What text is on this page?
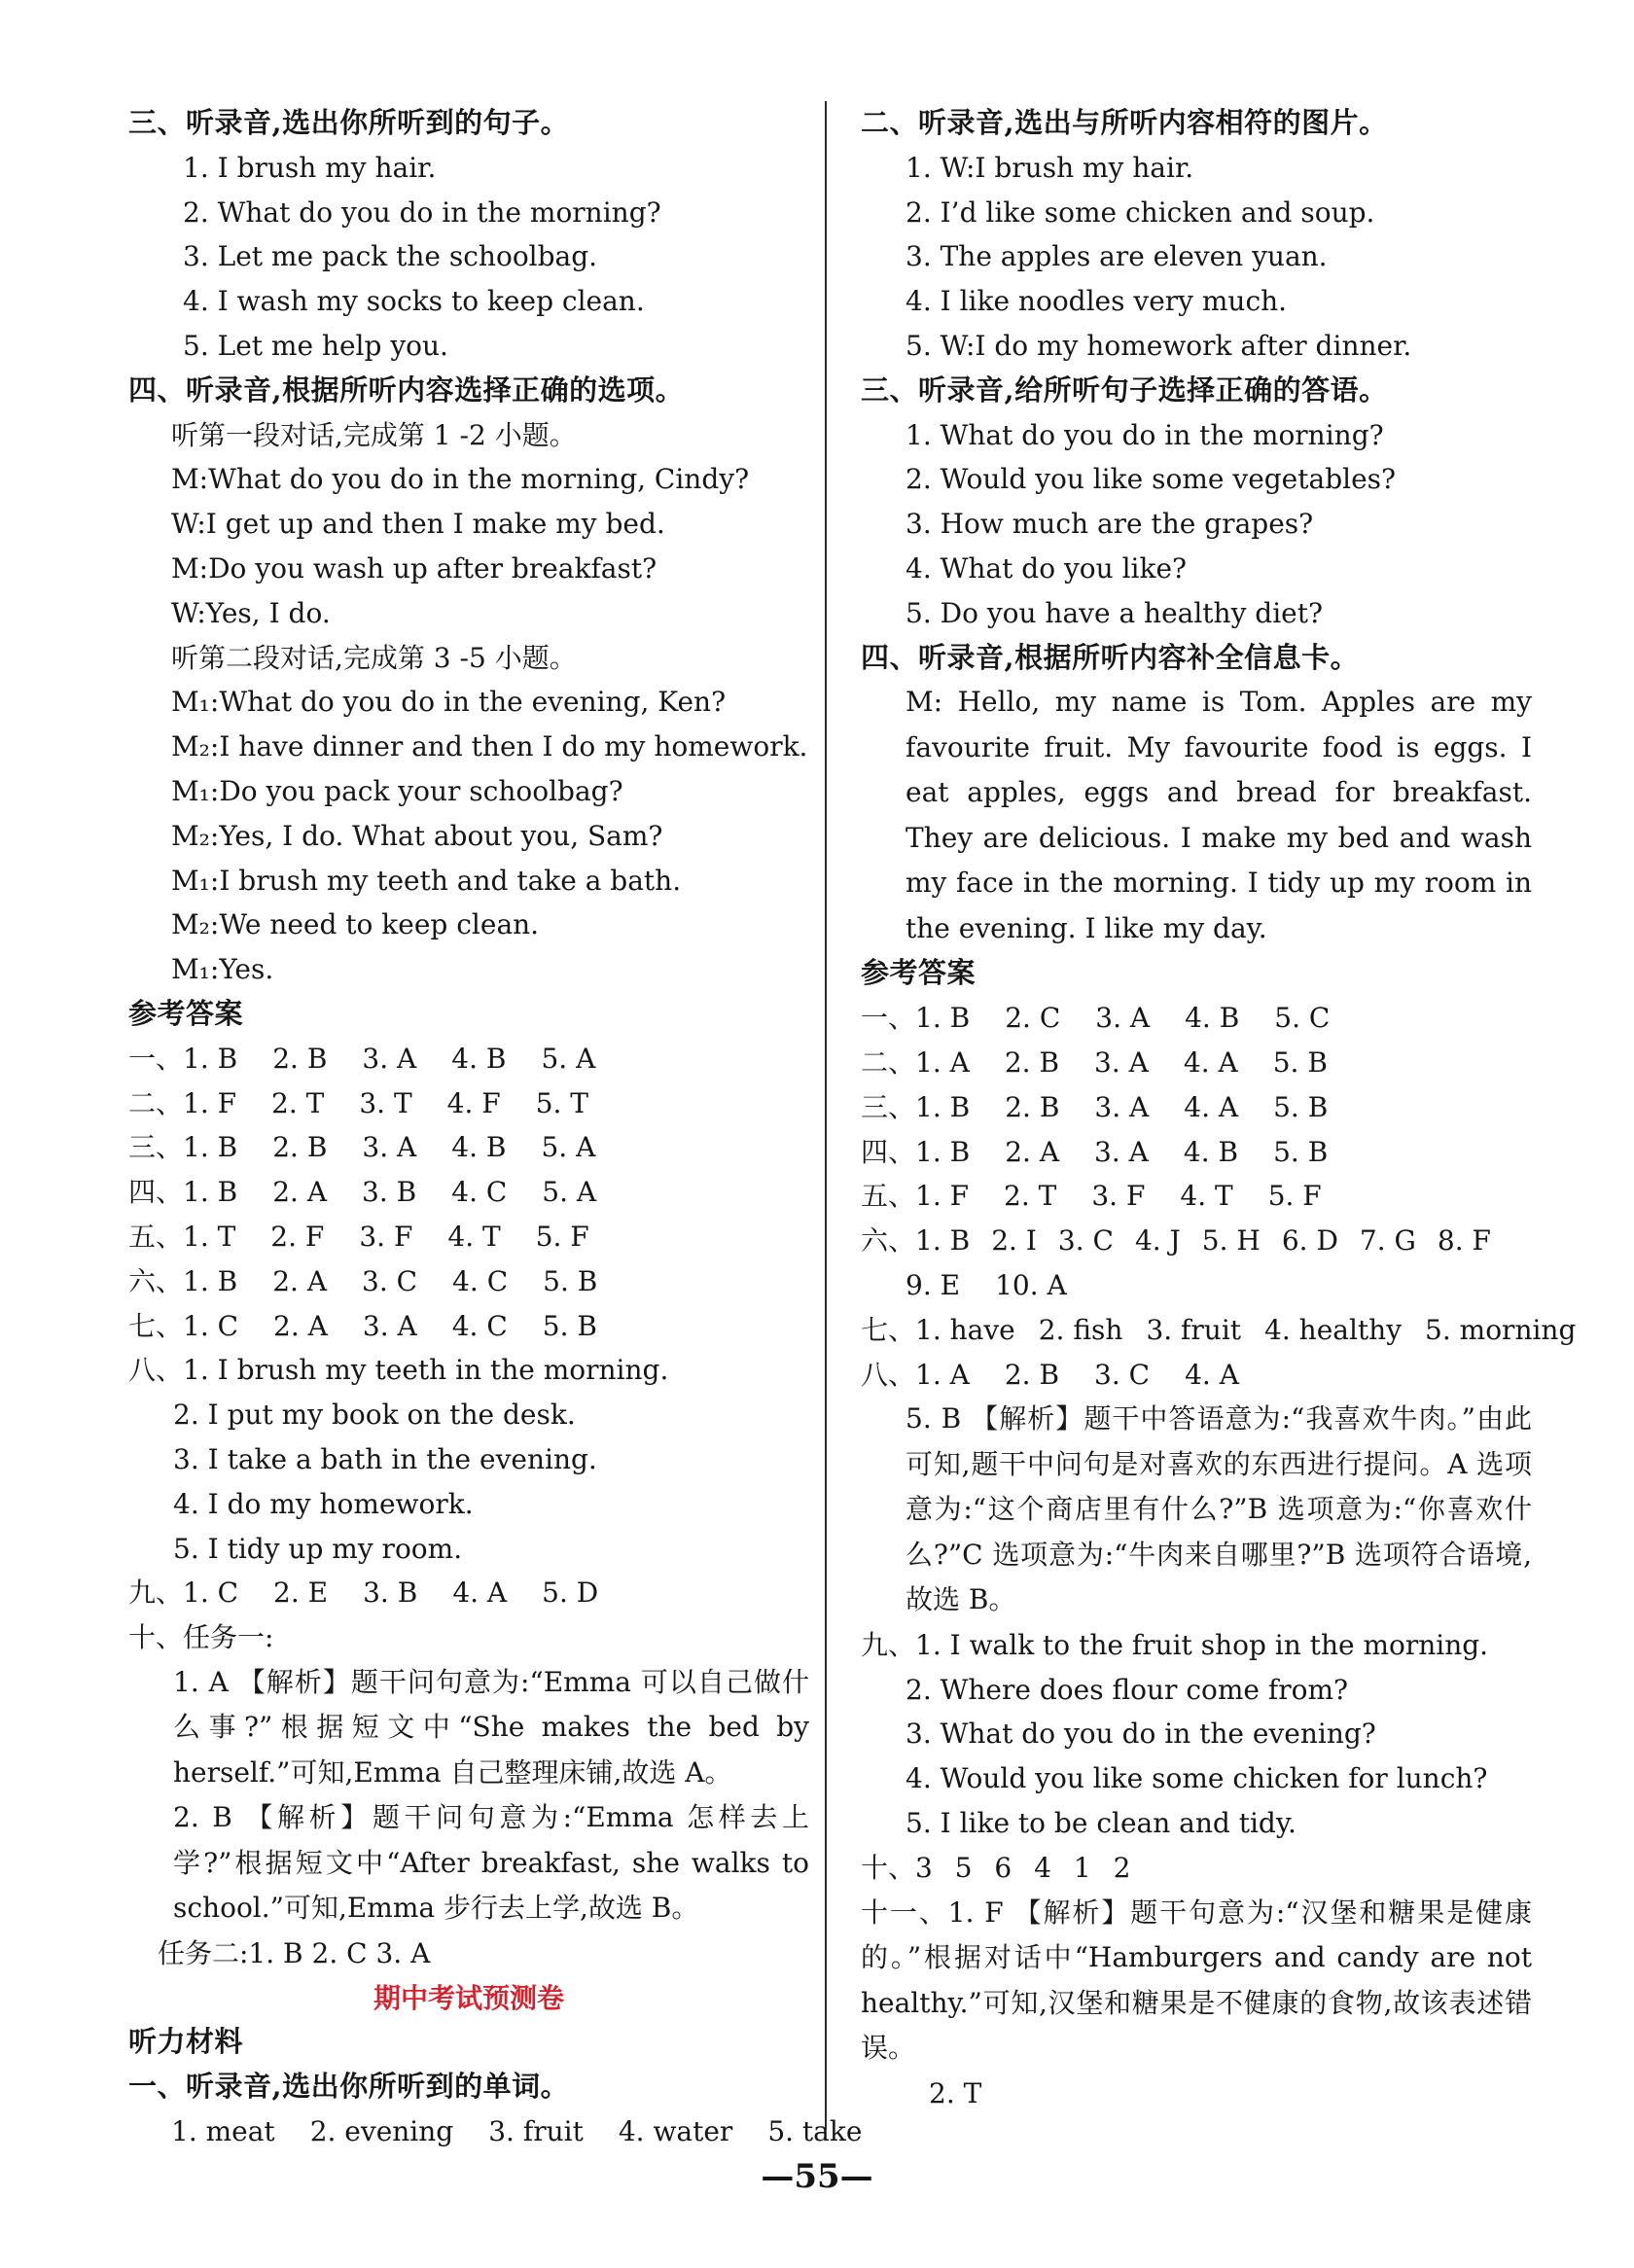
三、听录音,选出你所听到的句子。
1. I brush my hair.
2. What do you do in the morning?
3. Let me pack the schoolbag.
4. I wash my socks to keep clean.
5. Let me help you.
四、听录音,根据所听内容选择正确的选项。
听第一段对话,完成第 1 -2 小题。
M:What do you do in the morning, Cindy?
W:I get up and then I make my bed.
M:Do you wash up after breakfast?
W:Yes, I do.
听第二段对话,完成第 3 -5 小题。
M₁:What do you do in the evening, Ken?
M₂:I have dinner and then I do my homework.
M₁:Do you pack your schoolbag?
M₂:Yes, I do. What about you, Sam?
M₁:I brush my teeth and take a bath.
M₂:We need to keep clean.
M₁:Yes.
参考答案
一、1. B 2. B 3. A 4. B 5. A
二、1. F 2. T 3. T 4. F 5. T
三、1. B 2. B 3. A 4. B 5. A
四、1. B 2. A 3. B 4. C 5. A
五、1. T 2. F 3. F 4. T 5. F
六、1. B 2. A 3. C 4. C 5. B
七、1. C 2. A 3. A 4. C 5. B
八、1. I brush my teeth in the morning.
2. I put my book on the desk.
3. I take a bath in the evening.
4. I do my homework.
5. I tidy up my room.
九、1. C 2. E 3. B 4. A 5. D
十、任务一:
1. A 【解析】题干问句意为:“Emma 可以自己做什么事?”根据短文中“She makes the bed by herself.”可知,Emma 自己整理床铺,故选 A。
2. B 【解析】题干问句意为:“Emma 怎样去上学?”根据短文中“After breakfast, she walks to school.”可知,Emma 步行去上学,故选 B。
任务二:1. B 2. C 3. A
期中考试预测卷
听力材料
一、听录音,选出你所听到的单词。
1. meat 2. evening 3. fruit 4. water 5. take
二、听录音,选出与所听内容相符的图片。
1. W:I brush my hair.
2. I’d like some chicken and soup.
3. The apples are eleven yuan.
4. I like noodles very much.
5. W:I do my homework after dinner.
三、听录音,给所听句子选择正确的答语。
1. What do you do in the morning?
2. Would you like some vegetables?
3. How much are the grapes?
4. What do you like?
5. Do you have a healthy diet?
四、听录音,根据所听内容补全信息卡。
M: Hello, my name is Tom. Apples are my favourite fruit. My favourite food is eggs. I eat apples, eggs and bread for breakfast. They are delicious. I make my bed and wash my face in the morning. I tidy up my room in the evening. I like my day.
参考答案
一、1. B 2. C 3. A 4. B 5. C
二、1. A 2. B 3. A 4. A 5. B
三、1. B 2. B 3. A 4. A 5. B
四、1. B 2. A 3. A 4. B 5. B
五、1. F 2. T 3. F 4. T 5. F
六、1. B 2. I 3. C 4. J 5. H 6. D 7. G 8. F
9. E 10. A
七、1. have 2. fish 3. fruit 4. healthy 5. morning
八、1. A 2. B 3. C 4. A
5. B 【解析】题干中答语意为:“我喜欢牛肉。”由此可知,题干中问句是对喜欢的东西进行提问。A 选项意为:“这个商店里有什么?”B 选项意为:“你喜欢什么?”C 选项意为:“牛肉来自哪里?”B 选项符合语境,故选 B。
九、1. I walk to the fruit shop in the morning.
2. Where does flour come from?
3. What do you do in the evening?
4. Would you like some chicken for lunch?
5. I like to be clean and tidy.
十、3 5 6 4 1 2
十一、1. F 【解析】题干句意为:“汉堡和糖果是健康的。”根据对话中“Hamburgers and candy are not healthy.”可知,汉堡和糖果是不健康的食物,故该表述错误。
2. T
—55—
